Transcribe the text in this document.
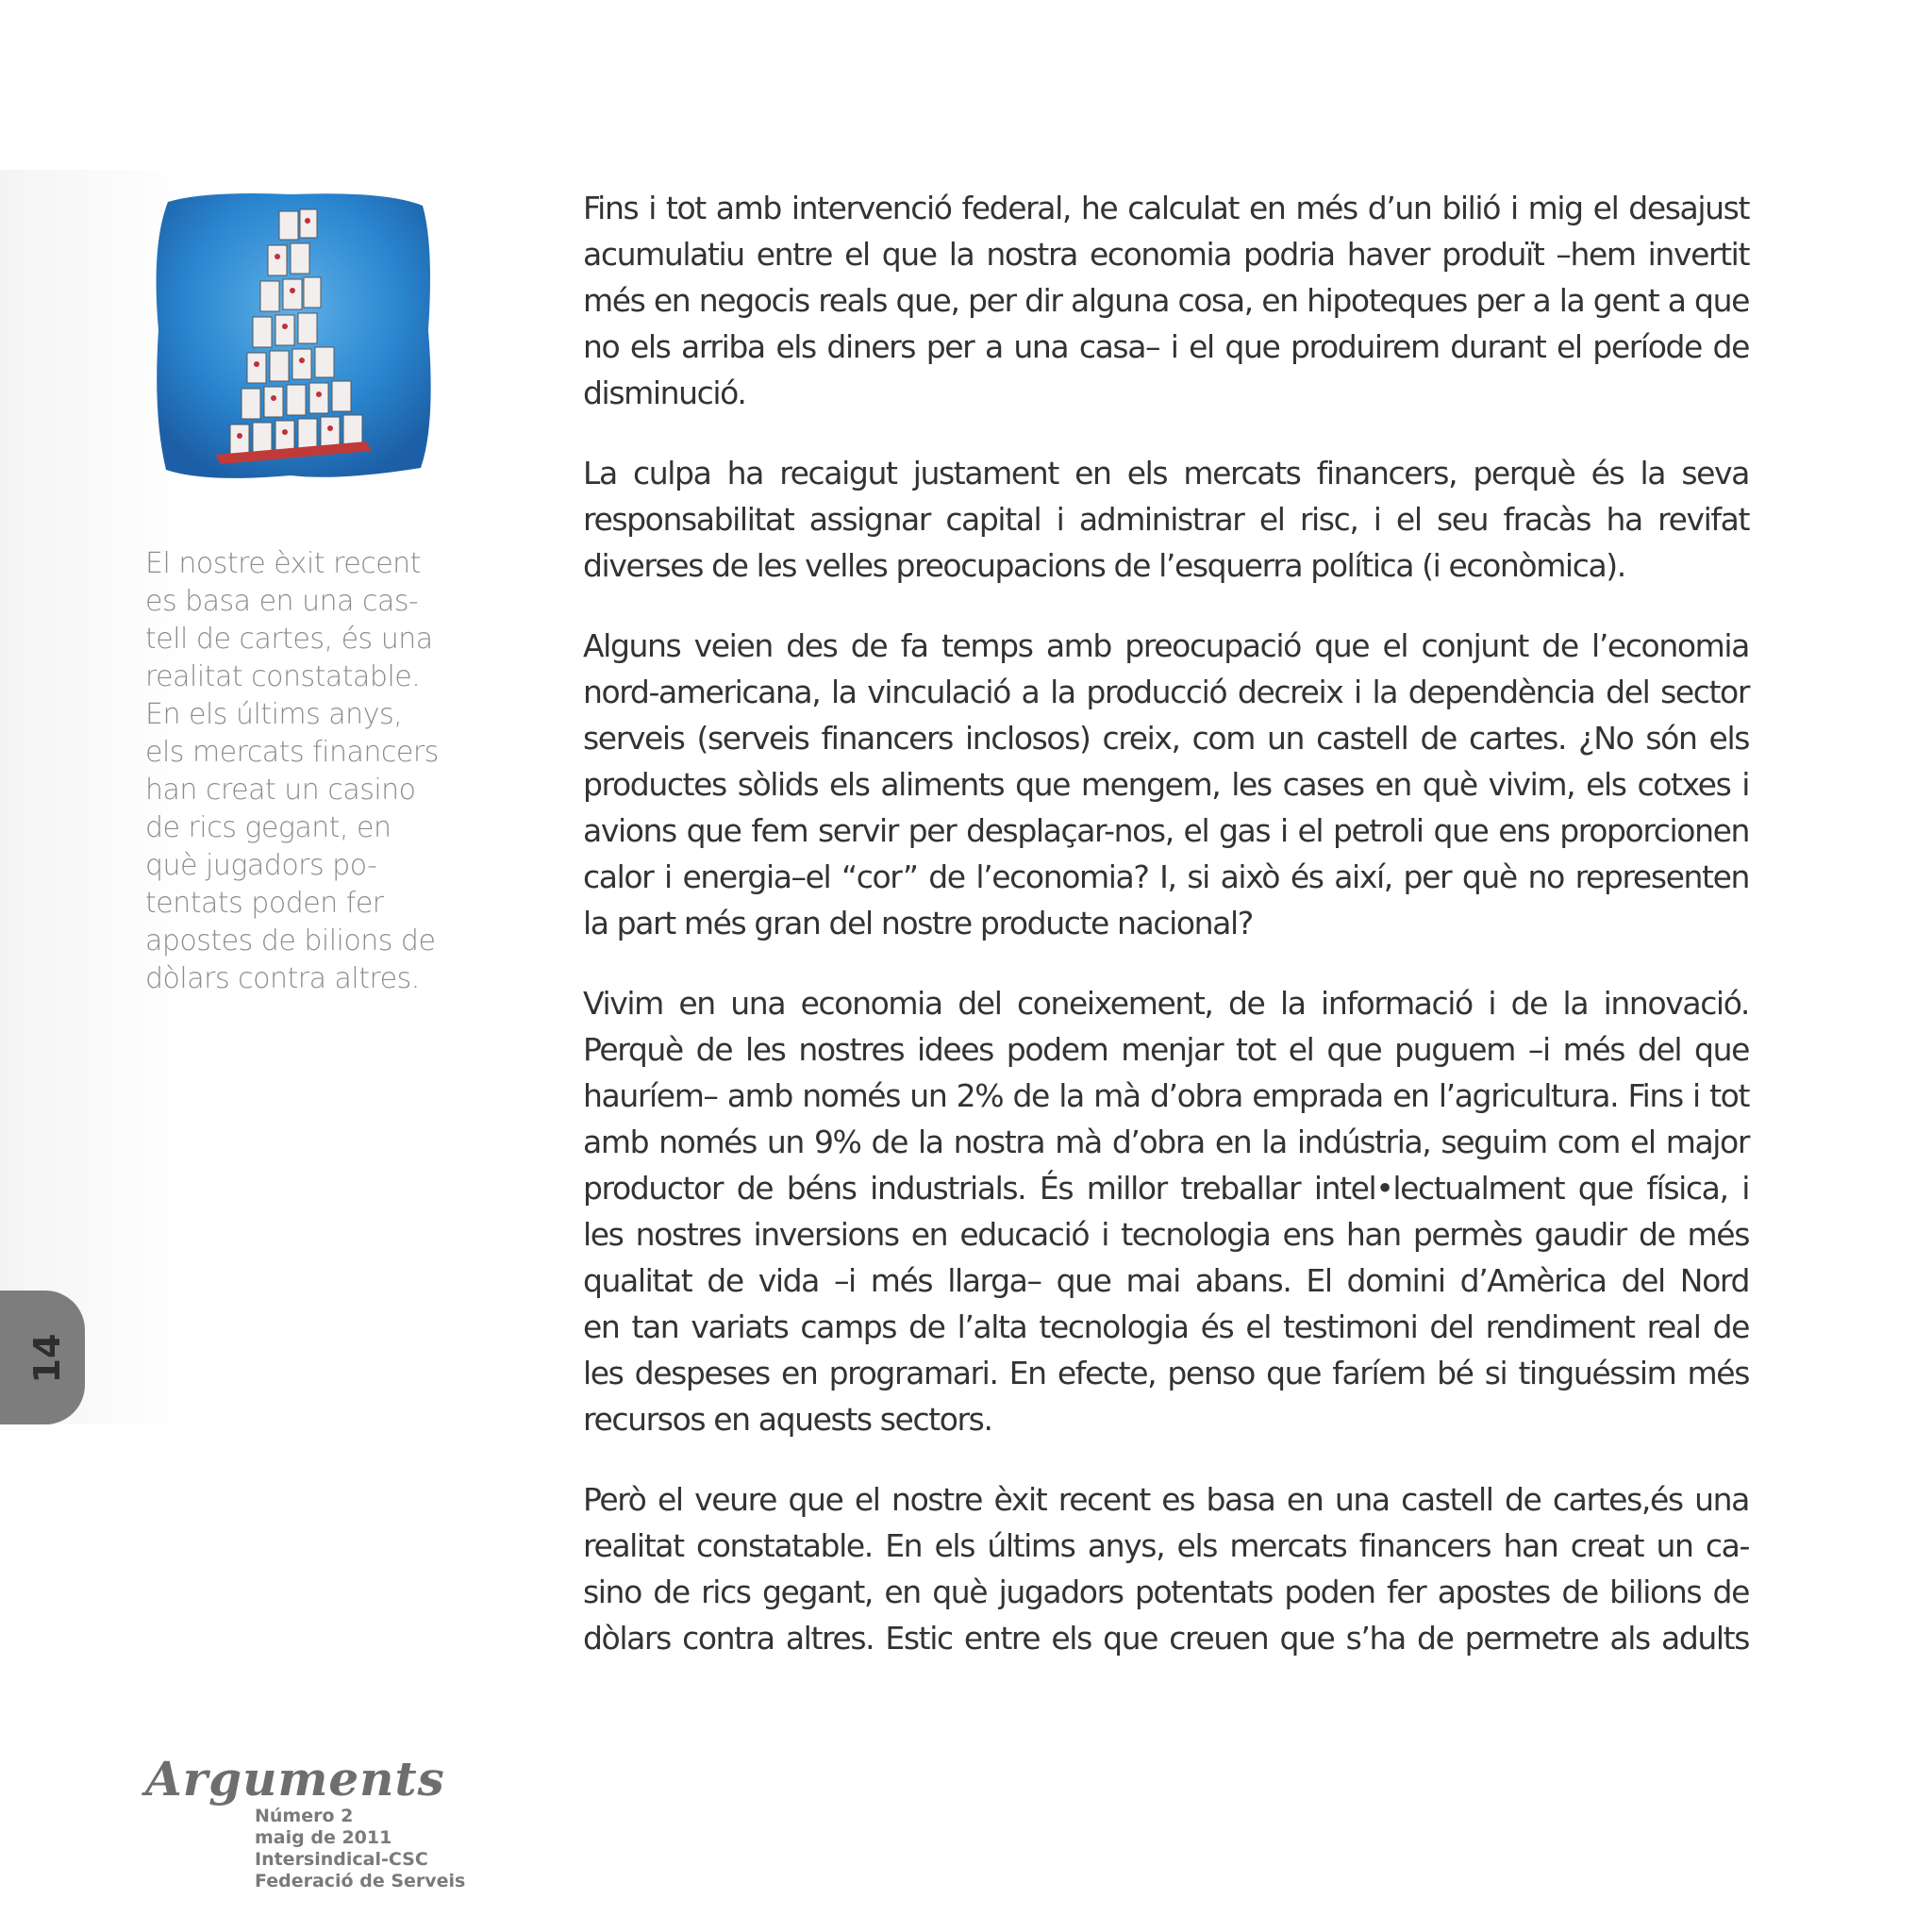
El nostre èxit recent
es basa en una cas-
tell de cartes, és una
realitat constatable.
En els últims anys,
els mercats financers
han creat un casino
de rics gegant, en
què jugadors po-
tentats poden fer
apostes de bilions de
dòlars contra altres.
14

Fins i tot amb intervenció federal, he calculat en més d’un bilió i mig el desajust
acumulatiu entre el que la nostra economia podria haver produït –hem invertit
més en negocis reals que, per dir alguna cosa, en hipoteques per a la gent a que
no els arriba els diners per a una casa– i el que produirem durant el període de
disminució.

La culpa ha recaigut justament en els mercats financers, perquè és la seva
responsabilitat assignar capital i administrar el risc, i el seu fracàs ha revifat
diverses de les velles preocupacions de l’esquerra política (i econòmica).

Alguns veien des de fa temps amb preocupació que el conjunt de l’economia
nord-americana, la vinculació a la producció decreix i la dependència del sector
serveis (serveis financers inclosos) creix, com un castell de cartes. ¿No són els
productes sòlids els aliments que mengem, les cases en què vivim, els cotxes i
avions que fem servir per desplaçar-nos, el gas i el petroli que ens proporcionen
calor i energia–el “cor” de l’economia? I, si això és així, per què no representen
la part més gran del nostre producte nacional?

Vivim en una economia del coneixement, de la informació i de la innovació.
Perquè de les nostres idees podem menjar tot el que puguem –i més del que
hauríem– amb només un 2% de la mà d’obra emprada en l’agricultura. Fins i tot
amb només un 9% de la nostra mà d’obra en la indústria, seguim com el major
productor de béns industrials. És millor treballar intel•lectualment que física, i
les nostres inversions en educació i tecnologia ens han permès gaudir de més
qualitat de vida –i més llarga– que mai abans. El domini d’Amèrica del Nord
en tan variats camps de l’alta tecnologia és el testimoni del rendiment real de
les despeses en programari. En efecte, penso que faríem bé si tinguéssim més
recursos en aquests sectors.

Però el veure que el nostre èxit recent es basa en una castell de cartes,és una
realitat constatable. En els últims anys, els mercats financers han creat un ca-
sino de rics gegant, en què jugadors potentats poden fer apostes de bilions de
dòlars contra altres. Estic entre els que creuen que s’ha de permetre als adults

Arguments
Número 2
maig de 2011
Intersindical-CSC
Federació de Serveis
